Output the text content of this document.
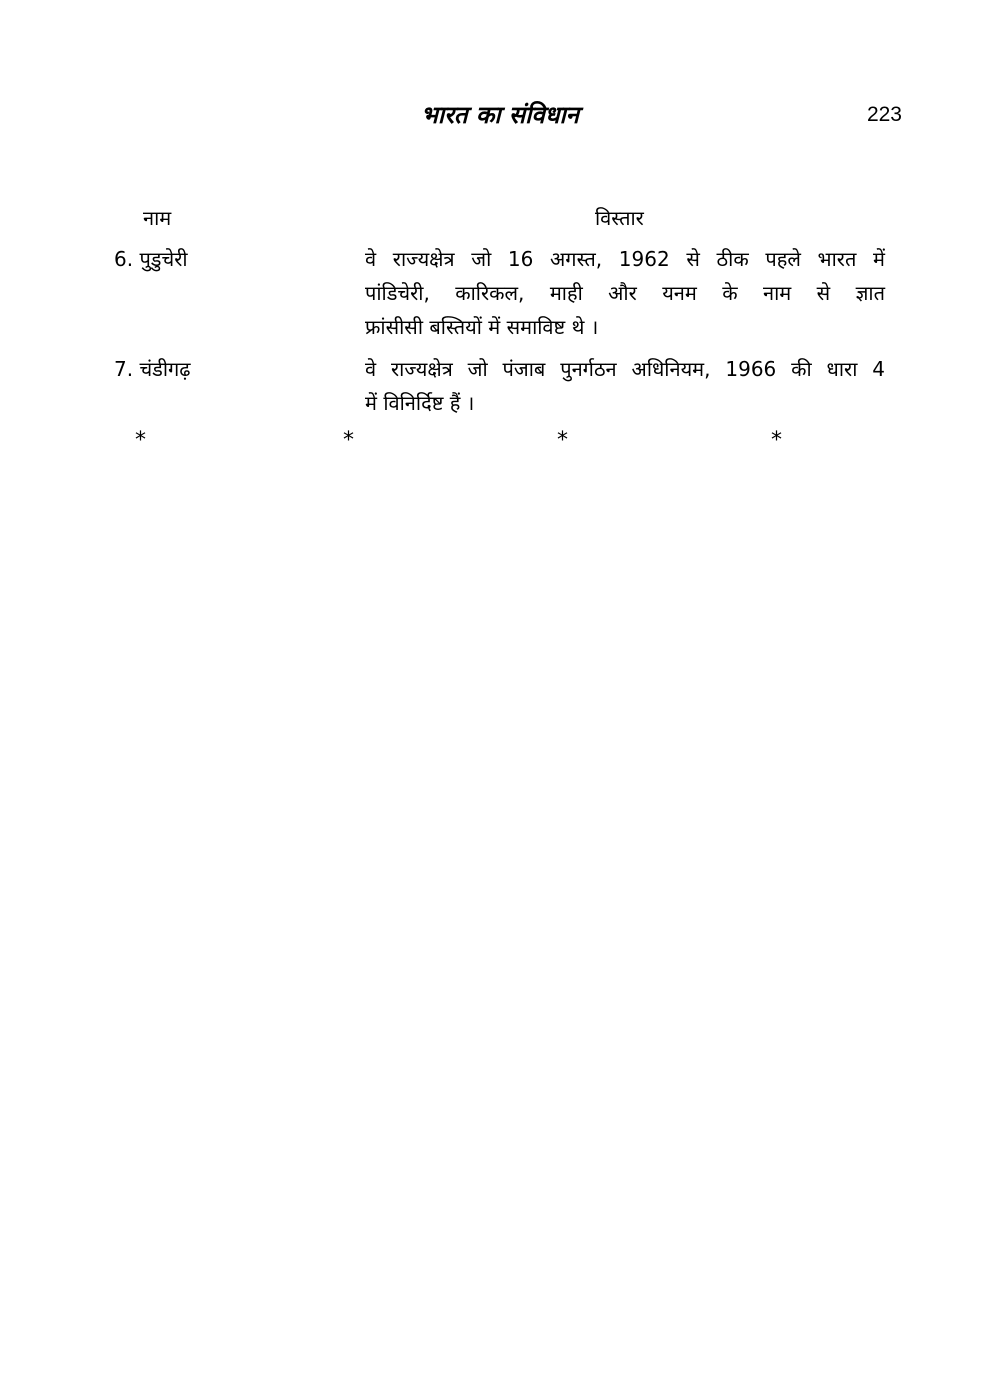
भारत का संविधान	223
नाम	विस्तार
6. पुडुचेरी	वे राज्यक्षेत्र जो 16 अगस्त, 1962 से ठीक पहले भारत में
पांडिचेरी, कारिकल, माही और यनम के नाम से ज्ञात
फ्रांसीसी बस्तियों में समाविष्ट थे ।
7. चंडीगढ़	वे राज्यक्षेत्र जो पंजाब पुनर्गठन अधिनियम, 1966 की धारा 4
में विनिर्दिष्ट हैं ।
*	*	*	*
